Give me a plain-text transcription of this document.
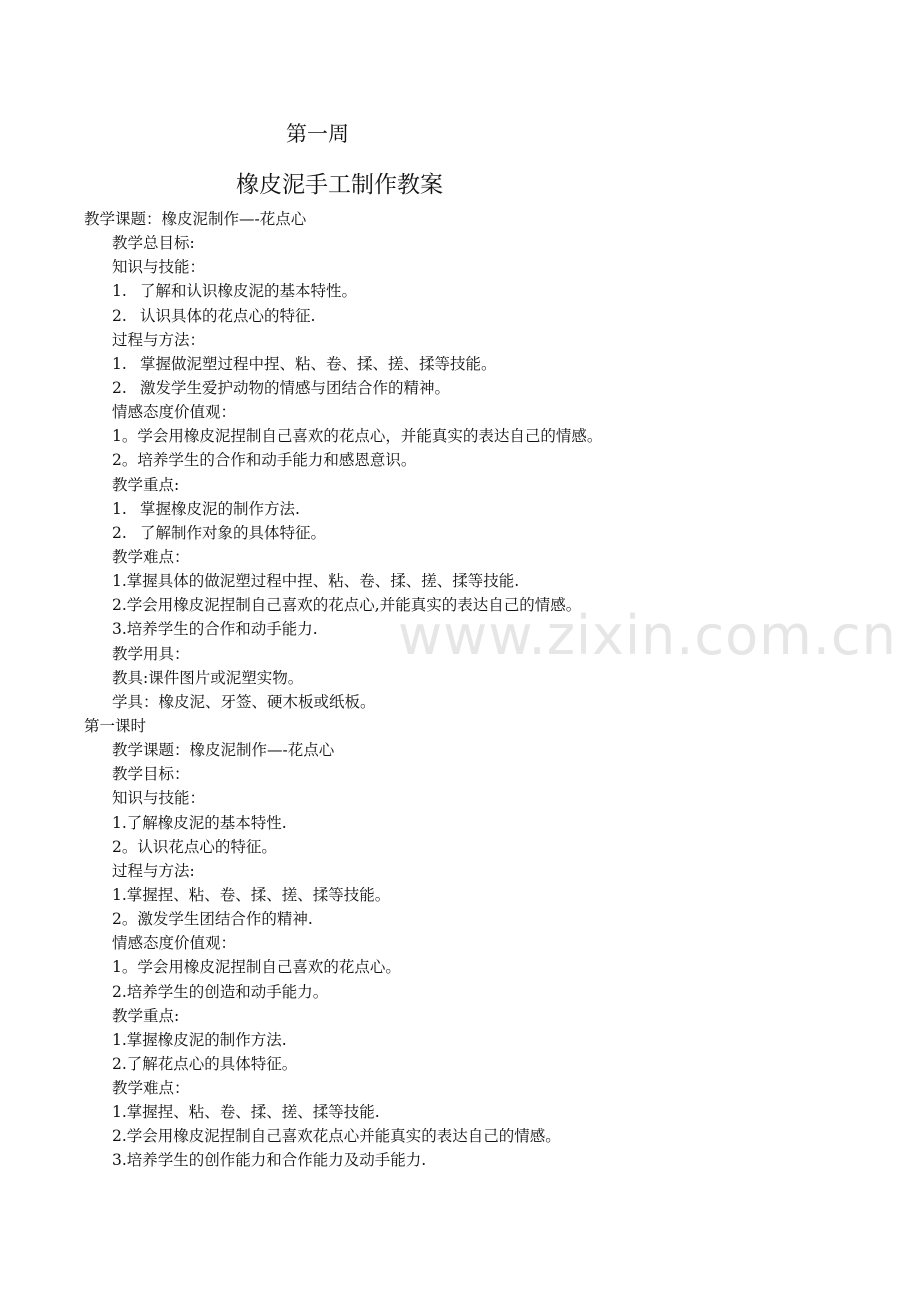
第一周
橡皮泥手工制作教案
教学课题：橡皮泥制作—-花点心
教学总目标:
知识与技能：
1. 了解和认识橡皮泥的基本特性。
2. 认识具体的花点心的特征.
过程与方法：
1. 掌握做泥塑过程中捏、粘、卷、揉、搓、揉等技能。
2. 激发学生爱护动物的情感与团结合作的精神。
情感态度价值观：
1。学会用橡皮泥捏制自己喜欢的花点心，并能真实的表达自己的情感。
2。培养学生的合作和动手能力和感恩意识。
教学重点:
1. 掌握橡皮泥的制作方法.
2. 了解制作对象的具体特征。
教学难点：
1.掌握具体的做泥塑过程中捏、粘、卷、揉、搓、揉等技能.
2.学会用橡皮泥捏制自己喜欢的花点心,并能真实的表达自己的情感。
3.培养学生的合作和动手能力.
教学用具：
教具:课件图片或泥塑实物。
学具：橡皮泥、牙签、硬木板或纸板。
第一课时
教学课题：橡皮泥制作—-花点心
教学目标：
知识与技能：
1.了解橡皮泥的基本特性.
2。认识花点心的特征。
过程与方法:
1.掌握捏、粘、卷、揉、搓、揉等技能。
2。激发学生团结合作的精神.
情感态度价值观：
1。学会用橡皮泥捏制自己喜欢的花点心。
2.培养学生的创造和动手能力。
教学重点:
1.掌握橡皮泥的制作方法.
2.了解花点心的具体特征。
教学难点：
1.掌握捏、粘、卷、揉、搓、揉等技能.
2.学会用橡皮泥捏制自己喜欢花点心并能真实的表达自己的情感。
3.培养学生的创作能力和合作能力及动手能力.
www.zixin.com.cn
